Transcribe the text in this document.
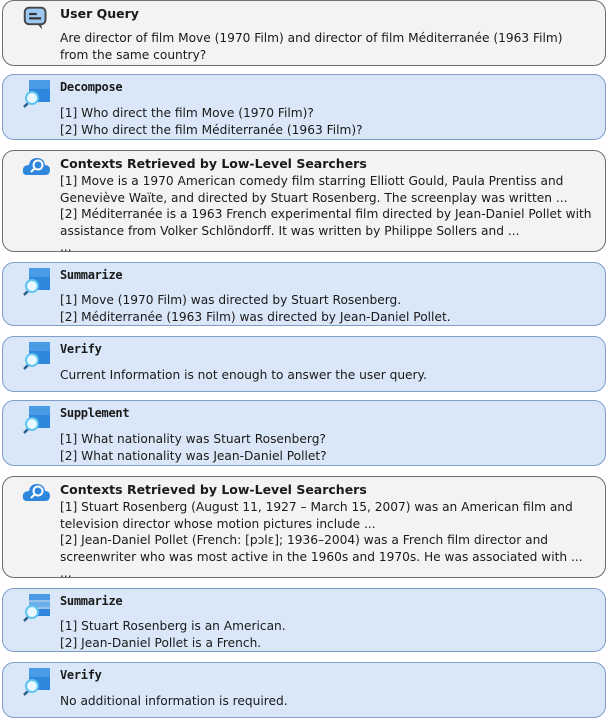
User Query
Are director of film Move (1970 Film) and director of film Méditerranée (1963 Film)
from the same country?
Decompose
[1] Who direct the film Move (1970 Film)?
[2] Who direct the film Méditerranée (1963 Film)?
Contexts Retrieved by Low-Level Searchers
[1] Move is a 1970 American comedy film starring Elliott Gould, Paula Prentiss and
Geneviève Waïte, and directed by Stuart Rosenberg. The screenplay was written ...
[2] Méditerranée is a 1963 French experimental film directed by Jean-Daniel Pollet with
assistance from Volker Schlöndorff. It was written by Philippe Sollers and ...
...
Summarize
[1] Move (1970 Film) was directed by Stuart Rosenberg.
[2] Méditerranée (1963 Film) was directed by Jean-Daniel Pollet.
Verify
Current Information is not enough to answer the user query.
Supplement
[1] What nationality was Stuart Rosenberg?
[2] What nationality was Jean-Daniel Pollet?
Contexts Retrieved by Low-Level Searchers
[1] Stuart Rosenberg (August 11, 1927 – March 15, 2007) was an American film and
television director whose motion pictures include ...
[2] Jean-Daniel Pollet (French: [pɔlɛ]; 1936–2004) was a French film director and
screenwriter who was most active in the 1960s and 1970s. He was associated with ...
...
Summarize
[1] Stuart Rosenberg is an American.
[2] Jean-Daniel Pollet is a French.
Verify
No additional information is required.
